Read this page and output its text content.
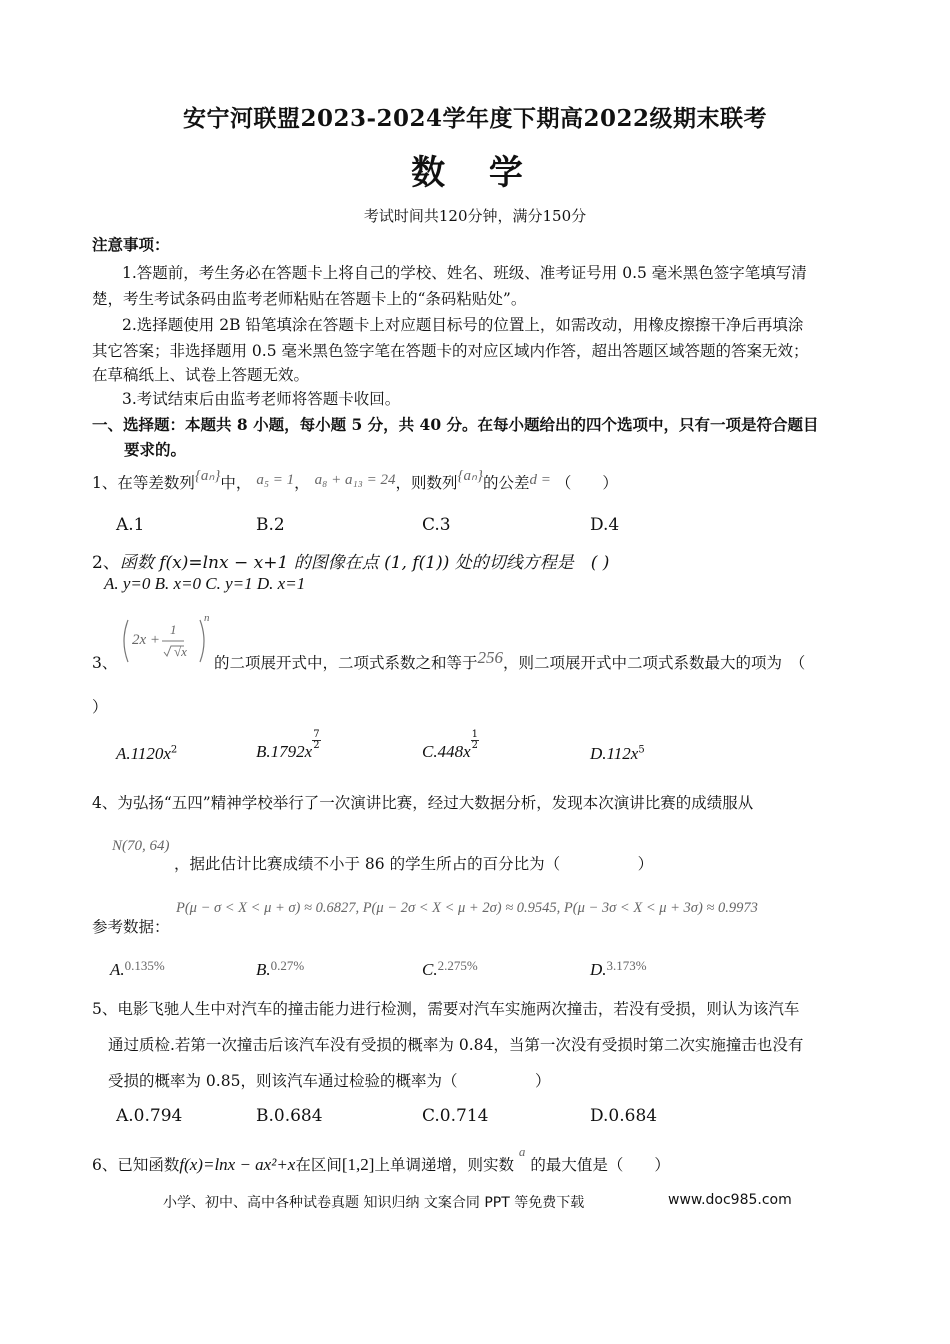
安宁河联盟2023-2024学年度下期高2022级期末联考
数 学
考试时间共120分钟，满分150分
注意事项：
1.答题前，考生务必在答题卡上将自己的学校、姓名、班级、准考证号用 0.5 毫米黑色签字笔填写清
楚，考生考试条码由监考老师粘贴在答题卡上的“条码粘贴处”。
2.选择题使用 2B 铅笔填涂在答题卡上对应题目标号的位置上，如需改动，用橡皮擦擦干净后再填涂
其它答案；非选择题用 0.5 毫米黑色签字笔在答题卡的对应区域内作答，超出答题区域答题的答案无效；
在草稿纸上、试卷上答题无效。
3.考试结束后由监考老师将答题卡收回。
一、选择题：本题共 8 小题，每小题 5 分，共 40 分。在每小题给出的四个选项中，只有一项是符合题目
要求的。
1、在等差数列{aₙ}中， a₅ = 1， a₈ + a₁₃ = 24，则数列{aₙ}的公差d = （　　）
A.1	B.2	C.3	D.4
2、函数 f(x)=lnx − x+1 的图像在点 (1, f(1)) 处的切线方程是　( )
A. y=0 B. x=0 C. y=1 D. x=1
2x +
1
√x
n
3、	的二项展开式中，二项式系数之和等于256，则二项展开式中二项式系数最大的项为　（
）
$A.1120x^2$	B.1792x
$\frac{7}{2}$
C.448x
$\frac{1}{2}$
$D.112x^5$
4、为弘扬“五四”精神学校举行了一次演讲比赛，经过大数据分析，发现本次演讲比赛的成绩服从
N(70, 64)
，据此估计比赛成绩不小于 86 的学生所占的百分比为（　　　　　）
P(μ − σ < X < μ + σ) ≈ 0.6827, P(μ − 2σ < X < μ + 2σ) ≈ 0.9545, P(μ − 3σ < X < μ + 3σ) ≈ 0.9973
参考数据：
A.$^{0.135\%}$	B.$^{0.27\%}$	C.$^{2.275\%}$	D.$^{3.173\%}$
5、电影飞驰人生中对汽车的撞击能力进行检测，需要对汽车实施两次撞击，若没有受损，则认为该汽车
通过质检.若第一次撞击后该汽车没有受损的概率为 0.84，当第一次没有受损时第二次实施撞击也没有
受损的概率为 0.85，则该汽车通过检验的概率为（　　　　　）
A.0.794	B.0.684	C.0.714	D.0.684
6、已知函数f(x)=lnx − ax²+x在区间[1,2]上单调递增，则实数 $^a$ 的最大值是（　　）
小学、初中、高中各种试卷真题 知识归纳 文案合同 PPT 等免费下载	www.doc985.com
